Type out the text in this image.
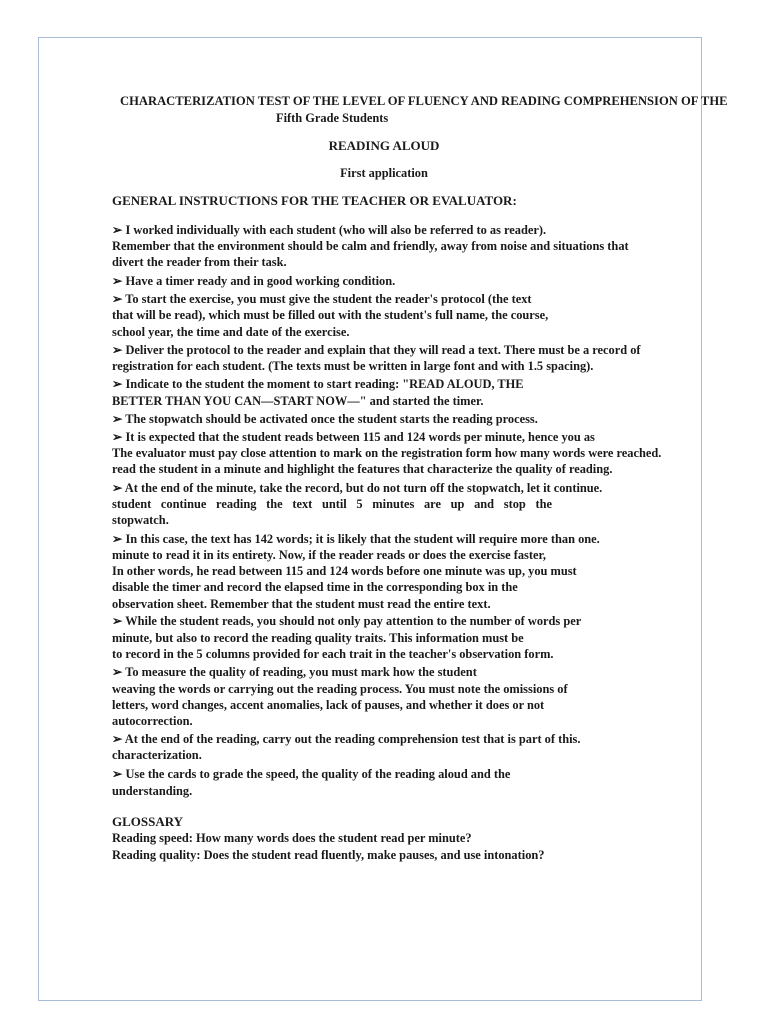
CHARACTERIZATION TEST OF THE LEVEL OF FLUENCY AND READING COMPREHENSION OF THE
Fifth Grade Students
READING ALOUD
First application
GENERAL INSTRUCTIONS FOR THE TEACHER OR EVALUATOR:
➢ I worked individually with each student (who will also be referred to as reader).
Remember that the environment should be calm and friendly, away from noise and situations that
divert the reader from their task.
➢ Have a timer ready and in good working condition.
➢ To start the exercise, you must give the student the reader's protocol (the text
that will be read), which must be filled out with the student's full name, the course,
school year, the time and date of the exercise.
➢ Deliver the protocol to the reader and explain that they will read a text. There must be a record of
registration for each student. (The texts must be written in large font and with 1.5 spacing).
➢ Indicate to the student the moment to start reading: "READ ALOUD, THE
BETTER THAN YOU CAN—START NOW—" and started the timer.
➢ The stopwatch should be activated once the student starts the reading process.
➢ It is expected that the student reads between 115 and 124 words per minute, hence you as
The evaluator must pay close attention to mark on the registration form how many words were reached.
read the student in a minute and highlight the features that characterize the quality of reading.
➢ At the end of the minute, take the record, but do not turn off the stopwatch, let it continue.
student continue reading the text until 5 minutes are up and stop the
stopwatch.
➢ In this case, the text has 142 words; it is likely that the student will require more than one.
minute to read it in its entirety. Now, if the reader reads or does the exercise faster,
In other words, he read between 115 and 124 words before one minute was up, you must
disable the timer and record the elapsed time in the corresponding box in the
observation sheet. Remember that the student must read the entire text.
➢ While the student reads, you should not only pay attention to the number of words per
minute, but also to record the reading quality traits. This information must be
to record in the 5 columns provided for each trait in the teacher's observation form.
➢ To measure the quality of reading, you must mark how the student
weaving the words or carrying out the reading process. You must note the omissions of
letters, word changes, accent anomalies, lack of pauses, and whether it does or not
autocorrection.
➢ At the end of the reading, carry out the reading comprehension test that is part of this.
characterization.
➢ Use the cards to grade the speed, the quality of the reading aloud and the
understanding.
GLOSSARY
Reading speed: How many words does the student read per minute?
Reading quality: Does the student read fluently, make pauses, and use intonation?
